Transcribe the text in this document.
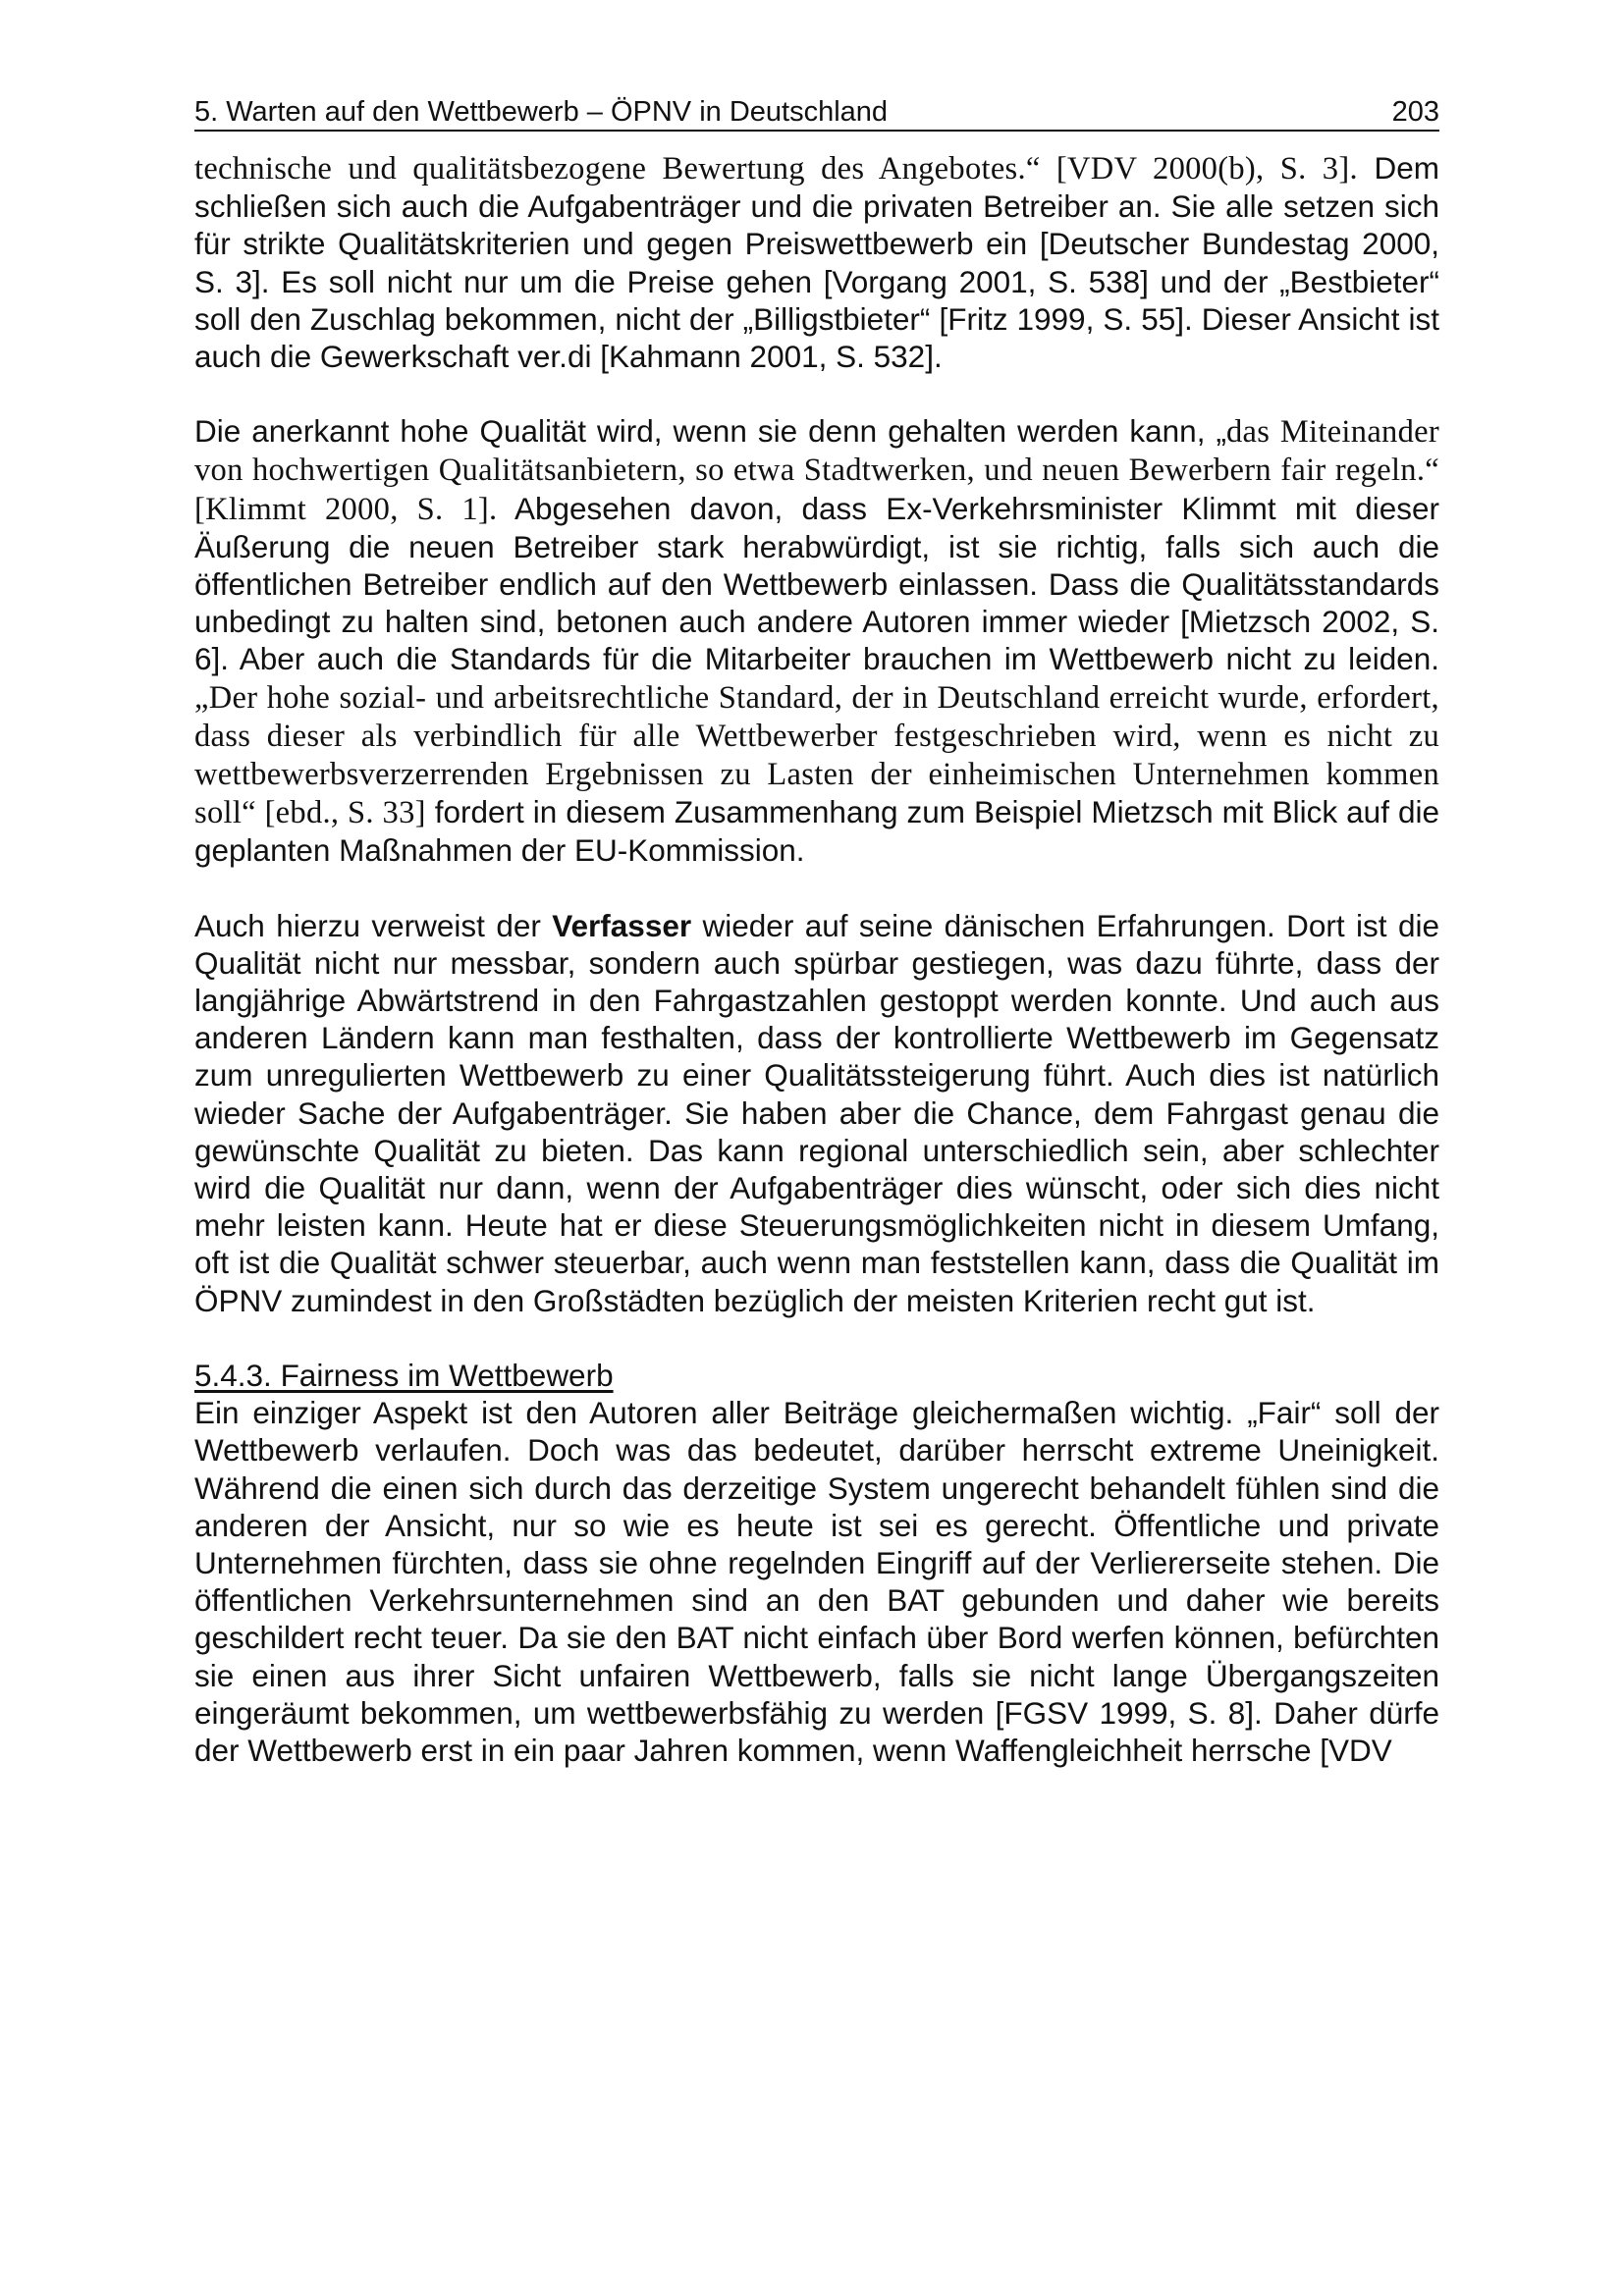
5. Warten auf den Wettbewerb – ÖPNV in Deutschland	203

technische und qualitätsbezogene Bewertung des Angebotes.“ [VDV 2000(b), S. 3]. Dem schließen sich auch die Aufgabenträger und die privaten Betreiber an. Sie alle setzen sich für strikte Qualitätskriterien und gegen Preiswettbewerb ein [Deutscher Bundestag 2000, S. 3]. Es soll nicht nur um die Preise gehen [Vorgang 2001, S. 538] und der „Bestbieter“ soll den Zuschlag bekommen, nicht der „Billigstbieter“ [Fritz 1999, S. 55]. Dieser Ansicht ist auch die Gewerkschaft ver.di [Kahmann 2001, S. 532].

Die anerkannt hohe Qualität wird, wenn sie denn gehalten werden kann, „das Miteinander von hochwertigen Qualitätsanbietern, so etwa Stadtwerken, und neuen Bewerbern fair regeln.“ [Klimmt 2000, S. 1]. Abgesehen davon, dass Ex-Verkehrsminister Klimmt mit dieser Äußerung die neuen Betreiber stark herabwürdigt, ist sie richtig, falls sich auch die öffentlichen Betreiber endlich auf den Wettbewerb einlassen. Dass die Qualitätsstandards unbedingt zu halten sind, betonen auch andere Autoren immer wieder [Mietzsch 2002, S. 6]. Aber auch die Standards für die Mitarbeiter brauchen im Wettbewerb nicht zu leiden. „Der hohe sozial- und arbeitsrechtliche Standard, der in Deutschland erreicht wurde, erfordert, dass dieser als verbindlich für alle Wettbewerber festgeschrieben wird, wenn es nicht zu wettbewerbsverzerrenden Ergebnissen zu Lasten der einheimischen Unternehmen kommen soll“ [ebd., S. 33] fordert in diesem Zusammenhang zum Beispiel Mietzsch mit Blick auf die geplanten Maßnahmen der EU-Kommission.

Auch hierzu verweist der Verfasser wieder auf seine dänischen Erfahrungen. Dort ist die Qualität nicht nur messbar, sondern auch spürbar gestiegen, was dazu führte, dass der langjährige Abwärtstrend in den Fahrgastzahlen gestoppt werden konnte. Und auch aus anderen Ländern kann man festhalten, dass der kontrollierte Wettbewerb im Gegensatz zum unregulierten Wettbewerb zu einer Qualitätssteigerung führt. Auch dies ist natürlich wieder Sache der Aufgabenträger. Sie haben aber die Chance, dem Fahrgast genau die gewünschte Qualität zu bieten. Das kann regional unterschiedlich sein, aber schlechter wird die Qualität nur dann, wenn der Aufgabenträger dies wünscht, oder sich dies nicht mehr leisten kann. Heute hat er diese Steuerungsmöglichkeiten nicht in diesem Umfang, oft ist die Qualität schwer steuerbar, auch wenn man feststellen kann, dass die Qualität im ÖPNV zumindest in den Großstädten bezüglich der meisten Kriterien recht gut ist.

5.4.3. Fairness im Wettbewerb

Ein einziger Aspekt ist den Autoren aller Beiträge gleichermaßen wichtig. „Fair“ soll der Wettbewerb verlaufen. Doch was das bedeutet, darüber herrscht extreme Uneinigkeit. Während die einen sich durch das derzeitige System ungerecht behandelt fühlen sind die anderen der Ansicht, nur so wie es heute ist sei es gerecht. Öffentliche und private Unternehmen fürchten, dass sie ohne regelnden Eingriff auf der Verliererseite stehen. Die öffentlichen Verkehrsunternehmen sind an den BAT gebunden und daher wie bereits geschildert recht teuer. Da sie den BAT nicht einfach über Bord werfen können, befürchten sie einen aus ihrer Sicht unfairen Wettbewerb, falls sie nicht lange Übergangszeiten eingeräumt bekommen, um wettbewerbsfähig zu werden [FGSV 1999, S. 8]. Daher dürfe der Wettbewerb erst in ein paar Jahren kommen, wenn Waffengleichheit herrsche [VDV
